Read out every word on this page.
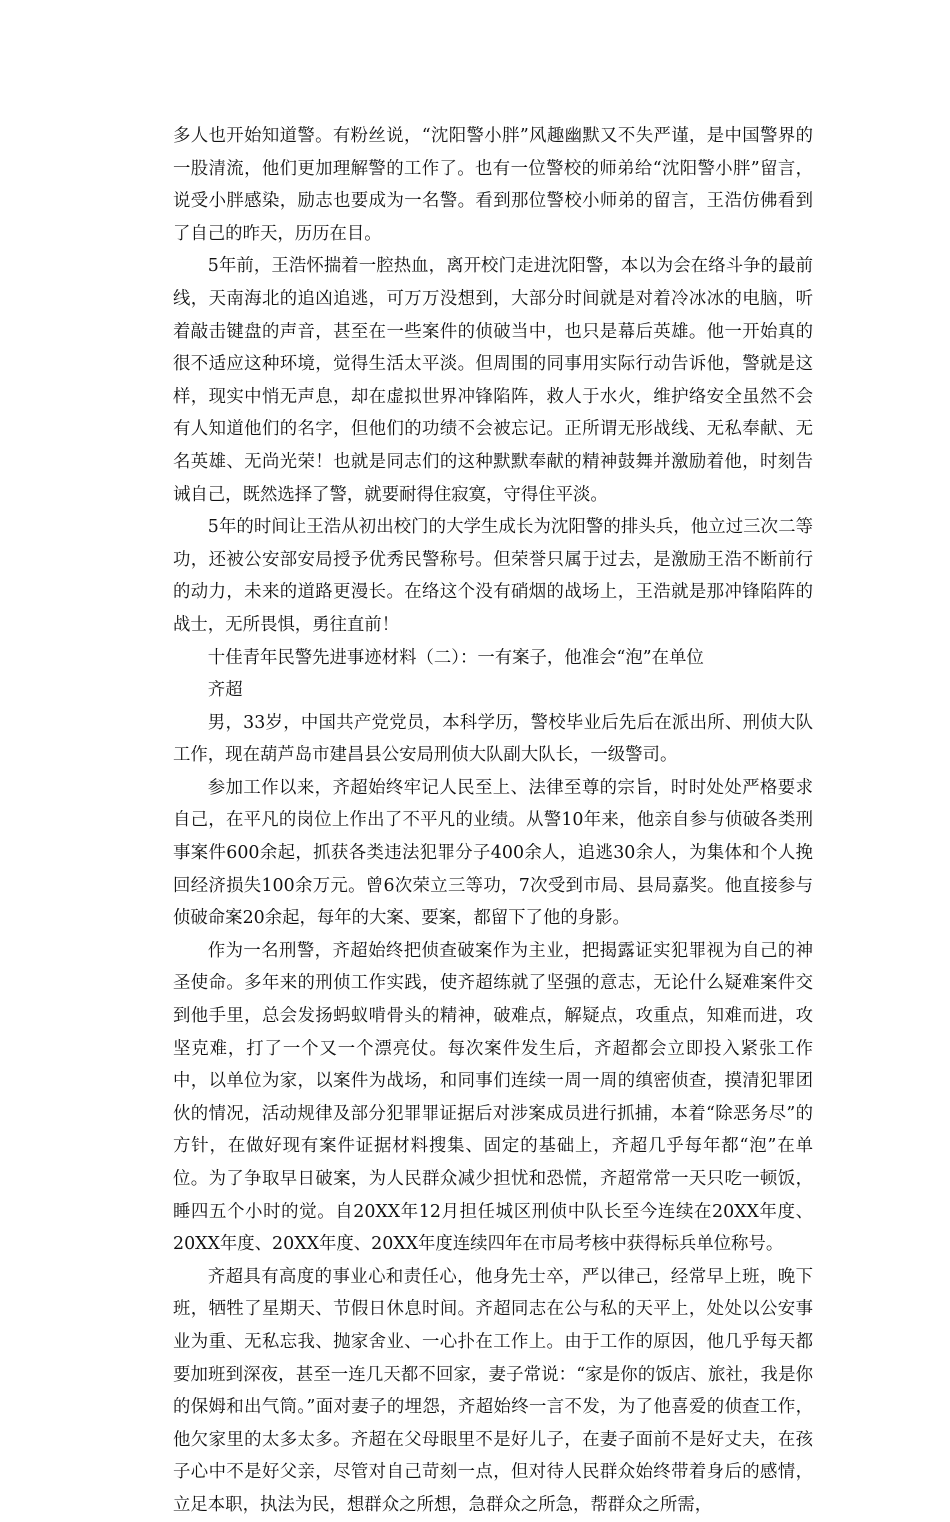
多人也开始知道警。有粉丝说，“沈阳警小胖”风趣幽默又不失严谨，是中国警界的一股清流，他们更加理解警的工作了。也有一位警校的师弟给“沈阳警小胖”留言，说受小胖感染，励志也要成为一名警。看到那位警校小师弟的留言，王浩仿佛看到了自己的昨天，历历在目。

5年前，王浩怀揣着一腔热血，离开校门走进沈阳警，本以为会在络斗争的最前线，天南海北的追凶追逃，可万万没想到，大部分时间就是对着冷冰冰的电脑，听着敲击键盘的声音，甚至在一些案件的侦破当中，也只是幕后英雄。他一开始真的很不适应这种环境，觉得生活太平淡。但周围的同事用实际行动告诉他，警就是这样，现实中悄无声息，却在虚拟世界冲锋陷阵，救人于水火，维护络安全虽然不会有人知道他们的名字，但他们的功绩不会被忘记。正所谓无形战线、无私奉献、无名英雄、无尚光荣！也就是同志们的这种默默奉献的精神鼓舞并激励着他，时刻告诫自己，既然选择了警，就要耐得住寂寞，守得住平淡。

5年的时间让王浩从初出校门的大学生成长为沈阳警的排头兵，他立过三次二等功，还被公安部安局授予优秀民警称号。但荣誉只属于过去，是激励王浩不断前行的动力，未来的道路更漫长。在络这个没有硝烟的战场上，王浩就是那冲锋陷阵的战士，无所畏惧，勇往直前！

十佳青年民警先进事迹材料（二）：一有案子，他准会“泡”在单位

齐超

男，33岁，中国共产党党员，本科学历，警校毕业后先后在派出所、刑侦大队工作，现在葫芦岛市建昌县公安局刑侦大队副大队长，一级警司。

参加工作以来，齐超始终牢记人民至上、法律至尊的宗旨，时时处处严格要求自己，在平凡的岗位上作出了不平凡的业绩。从警10年来，他亲自参与侦破各类刑事案件600余起，抓获各类违法犯罪分子400余人，追逃30余人，为集体和个人挽回经济损失100余万元。曾6次荣立三等功，7次受到市局、县局嘉奖。他直接参与侦破命案20余起，每年的大案、要案，都留下了他的身影。

作为一名刑警，齐超始终把侦查破案作为主业，把揭露证实犯罪视为自己的神圣使命。多年来的刑侦工作实践，使齐超练就了坚强的意志，无论什么疑难案件交到他手里，总会发扬蚂蚁啃骨头的精神，破难点，解疑点，攻重点，知难而进，攻坚克难，打了一个又一个漂亮仗。每次案件发生后，齐超都会立即投入紧张工作中，以单位为家，以案件为战场，和同事们连续一周一周的缜密侦查，摸清犯罪团伙的情况，活动规律及部分犯罪罪证据后对涉案成员进行抓捕，本着“除恶务尽”的方针，在做好现有案件证据材料搜集、固定的基础上，齐超几乎每年都“泡”在单位。为了争取早日破案，为人民群众减少担忧和恐慌，齐超常常一天只吃一顿饭，睡四五个小时的觉。自20XX年12月担任城区刑侦中队长至今连续在20XX年度、20XX年度、20XX年度、20XX年度连续四年在市局考核中获得标兵单位称号。

齐超具有高度的事业心和责任心，他身先士卒，严以律己，经常早上班，晚下班，牺牲了星期天、节假日休息时间。齐超同志在公与私的天平上，处处以公安事业为重、无私忘我、抛家舍业、一心扑在工作上。由于工作的原因，他几乎每天都要加班到深夜，甚至一连几天都不回家，妻子常说：“家是你的饭店、旅社，我是你的保姆和出气筒。”面对妻子的埋怨，齐超始终一言不发，为了他喜爱的侦查工作，他欠家里的太多太多。齐超在父母眼里不是好儿子，在妻子面前不是好丈夫，在孩子心中不是好父亲，尽管对自己苛刻一点，但对待人民群众始终带着身后的感情，立足本职，执法为民，想群众之所想，急群众之所急，帮群众之所需，
